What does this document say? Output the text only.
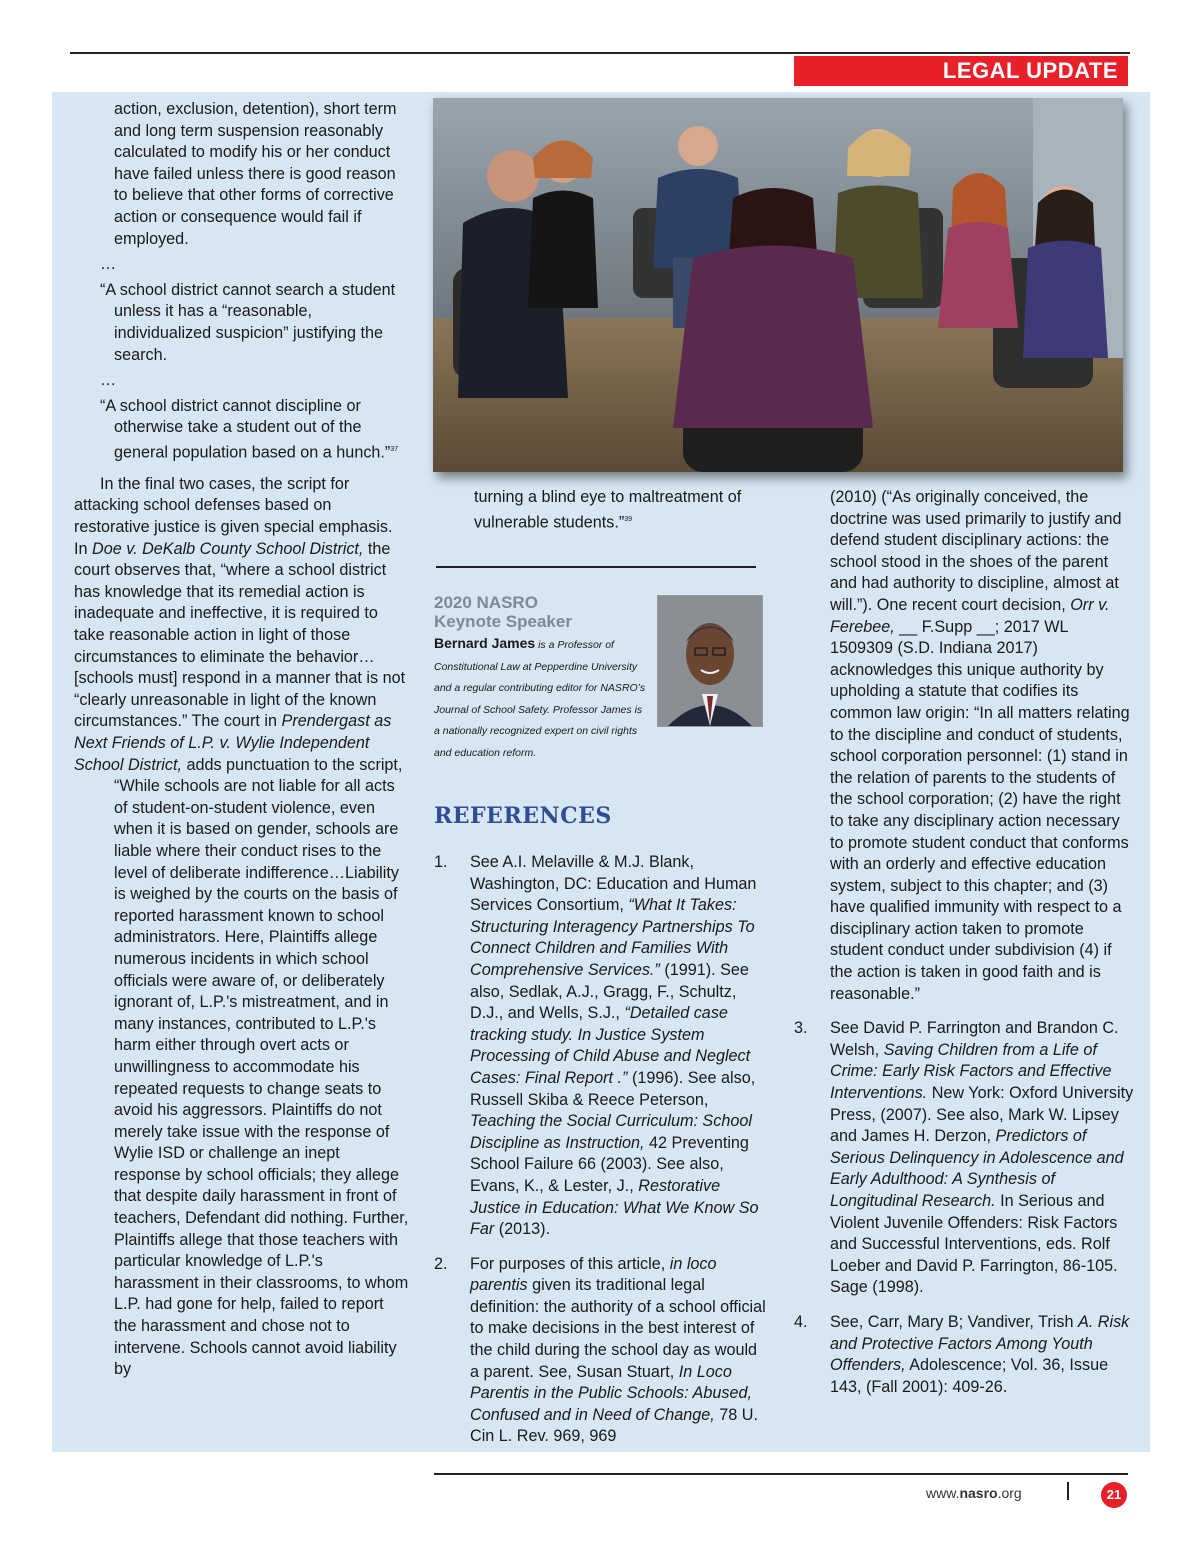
LEGAL UPDATE

action, exclusion, detention), short term and long term suspension reasonably calculated to modify his or her conduct have failed unless there is good reason to believe that other forms of corrective action or consequence would fail if employed.

…

“A school district cannot search a student unless it has a “reasonable, individualized suspicion” justifying the search.

…

“A school district cannot discipline or otherwise take a student out of the general population based on a hunch.”$^{37}$

In the final two cases, the script for attacking school defenses based on restorative justice is given special emphasis. In Doe v. DeKalb County School District, the court observes that, “where a school district has knowledge that its remedial action is inadequate and ineffective, it is required to take reasonable action in light of those circumstances to eliminate the behavior… [schools must] respond in a manner that is not “clearly unreasonable in light of the known circumstances.” The court in Prendergast as Next Friends of L.P. v. Wylie Independent School District, adds punctuation to the script,

“While schools are not liable for all acts of student-on-student violence, even when it is based on gender, schools are liable where their conduct rises to the level of deliberate indifference…Liability is weighed by the courts on the basis of reported harassment known to school administrators. Here, Plaintiffs allege numerous incidents in which school officials were aware of, or deliberately ignorant of, L.P.'s mistreatment, and in many instances, contributed to L.P.'s harm either through overt acts or unwillingness to accommodate his repeated requests to change seats to avoid his aggressors. Plaintiffs do not merely take issue with the response of Wylie ISD or challenge an inept response by school officials; they allege that despite daily harassment in front of teachers, Defendant did nothing. Further, Plaintiffs allege that those teachers with particular knowledge of L.P.'s harassment in their classrooms, to whom L.P. had gone for help, failed to report the harassment and chose not to intervene. Schools cannot avoid liability by

turning a blind eye to maltreatment of vulnerable students.”$^{39}$

2020 NASRO
Keynote Speaker
Bernard James is a Professor of Constitutional Law at Pepperdine University and a regular contributing editor for NASRO’s Journal of School Safety. Professor James is a nationally recognized expert on civil rights and education reform.
REFERENCES
1. See A.I. Melaville & M.J. Blank, Washington, DC: Education and Human Services Consortium, “What It Takes: Structuring Interagency Partnerships To Connect Children and Families With Comprehensive Services.” (1991). See also, Sedlak, A.J., Gragg, F., Schultz, D.J., and Wells, S.J., “Detailed case tracking study. In Justice System Processing of Child Abuse and Neglect Cases: Final Report .” (1996). See also, Russell Skiba & Reece Peterson, Teaching the Social Curriculum: School Discipline as Instruction, 42 Preventing School Failure 66 (2003). See also, Evans, K., & Lester, J., Restorative Justice in Education: What We Know So Far (2013).
2. For purposes of this article, in loco parentis given its traditional legal definition: the authority of a school official to make decisions in the best interest of the child during the school day as would a parent. See, Susan Stuart, In Loco Parentis in the Public Schools: Abused, Confused and in Need of Change, 78 U. Cin L. Rev. 969, 969

(2010) (“As originally conceived, the doctrine was used primarily to justify and defend student disciplinary actions: the school stood in the shoes of the parent and had authority to discipline, almost at will.”). One recent court decision, Orr v. Ferebee, __ F.Supp __; 2017 WL 1509309 (S.D. Indiana 2017) acknowledges this unique authority by upholding a statute that codifies its common law origin: “In all matters relating to the discipline and conduct of students, school corporation personnel: (1) stand in the relation of parents to the students of the school corporation; (2) have the right to take any disciplinary action necessary to promote student conduct that conforms with an orderly and effective education system, subject to this chapter; and (3) have qualified immunity with respect to a disciplinary action taken to promote student conduct under subdivision (4) if the action is taken in good faith and is reasonable.”

3. See David P. Farrington and Brandon C. Welsh, Saving Children from a Life of Crime: Early Risk Factors and Effective Interventions. New York: Oxford University Press, (2007). See also, Mark W. Lipsey and James H. Derzon, Predictors of Serious Delinquency in Adolescence and Early Adulthood: A Synthesis of Longitudinal Research. In Serious and Violent Juvenile Offenders: Risk Factors and Successful Interventions, eds. Rolf Loeber and David P. Farrington, 86-105. Sage (1998).
4. See, Carr, Mary B; Vandiver, Trish A. Risk and Protective Factors Among Youth Offenders, Adolescence; Vol. 36, Issue 143, (Fall 2001): 409-26.
www.nasro.org	21
